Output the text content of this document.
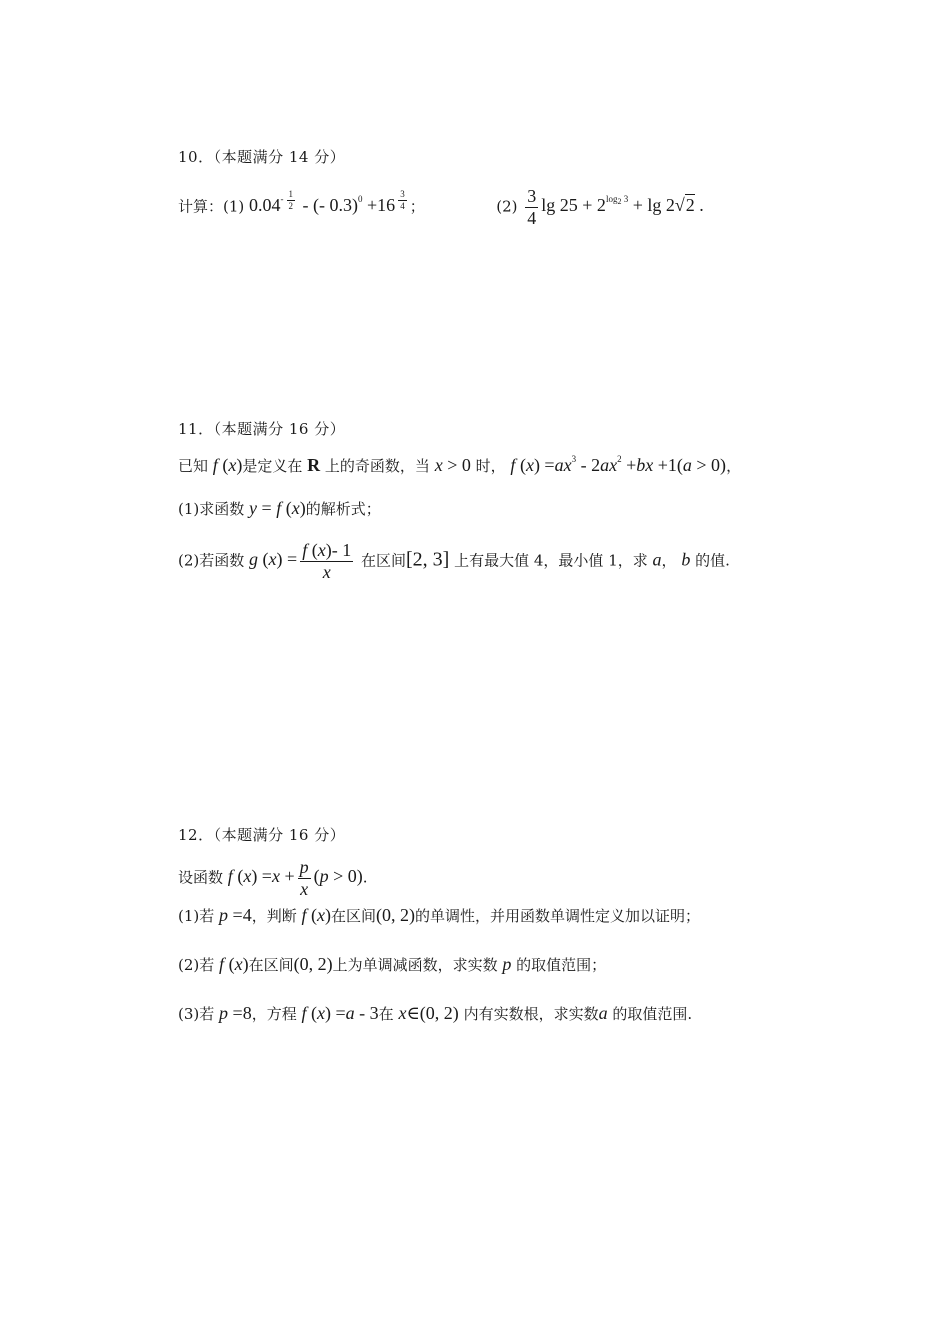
10．（本题满分 14 分）
计算：(1) $0.04^{- \frac{1}{2}}$ - (- 0.3)$^0$ +16 $^{\frac{3}{4}}$ ；	$(2) \frac{3}{4}$ $\lg 25 + 2^{log_2 3} + \lg 2√2$ .
11．（本题满分 16 分）
已知 f (x)是定义在 R 上的奇函数，当 x > 0 时， f $(x) =ax^3 - 2ax^2 +bx +1(a > 0)$，
(1)求函数 y = f (x)的解析式；
(2)若函数 g $(x) = \frac{f (x)- 1}{x}$ 在区间[2, 3] 上有最大值 4，最小值 1，求 a， b 的值.
12．（本题满分 16 分）
设函数 f $(x) =x + \frac{p}{x} (p > 0)$.
(1)若 p =4，判断 f (x)在区间(0, 2)的单调性，并用函数单调性定义加以证明；
(2)若 f (x)在区间(0, 2)上为单调减函数，求实数 p 的取值范围；
(3)若 p =8，方程 f (x) =a - 3在 x∈(0, 2) 内有实数根，求实数a 的取值范围.
